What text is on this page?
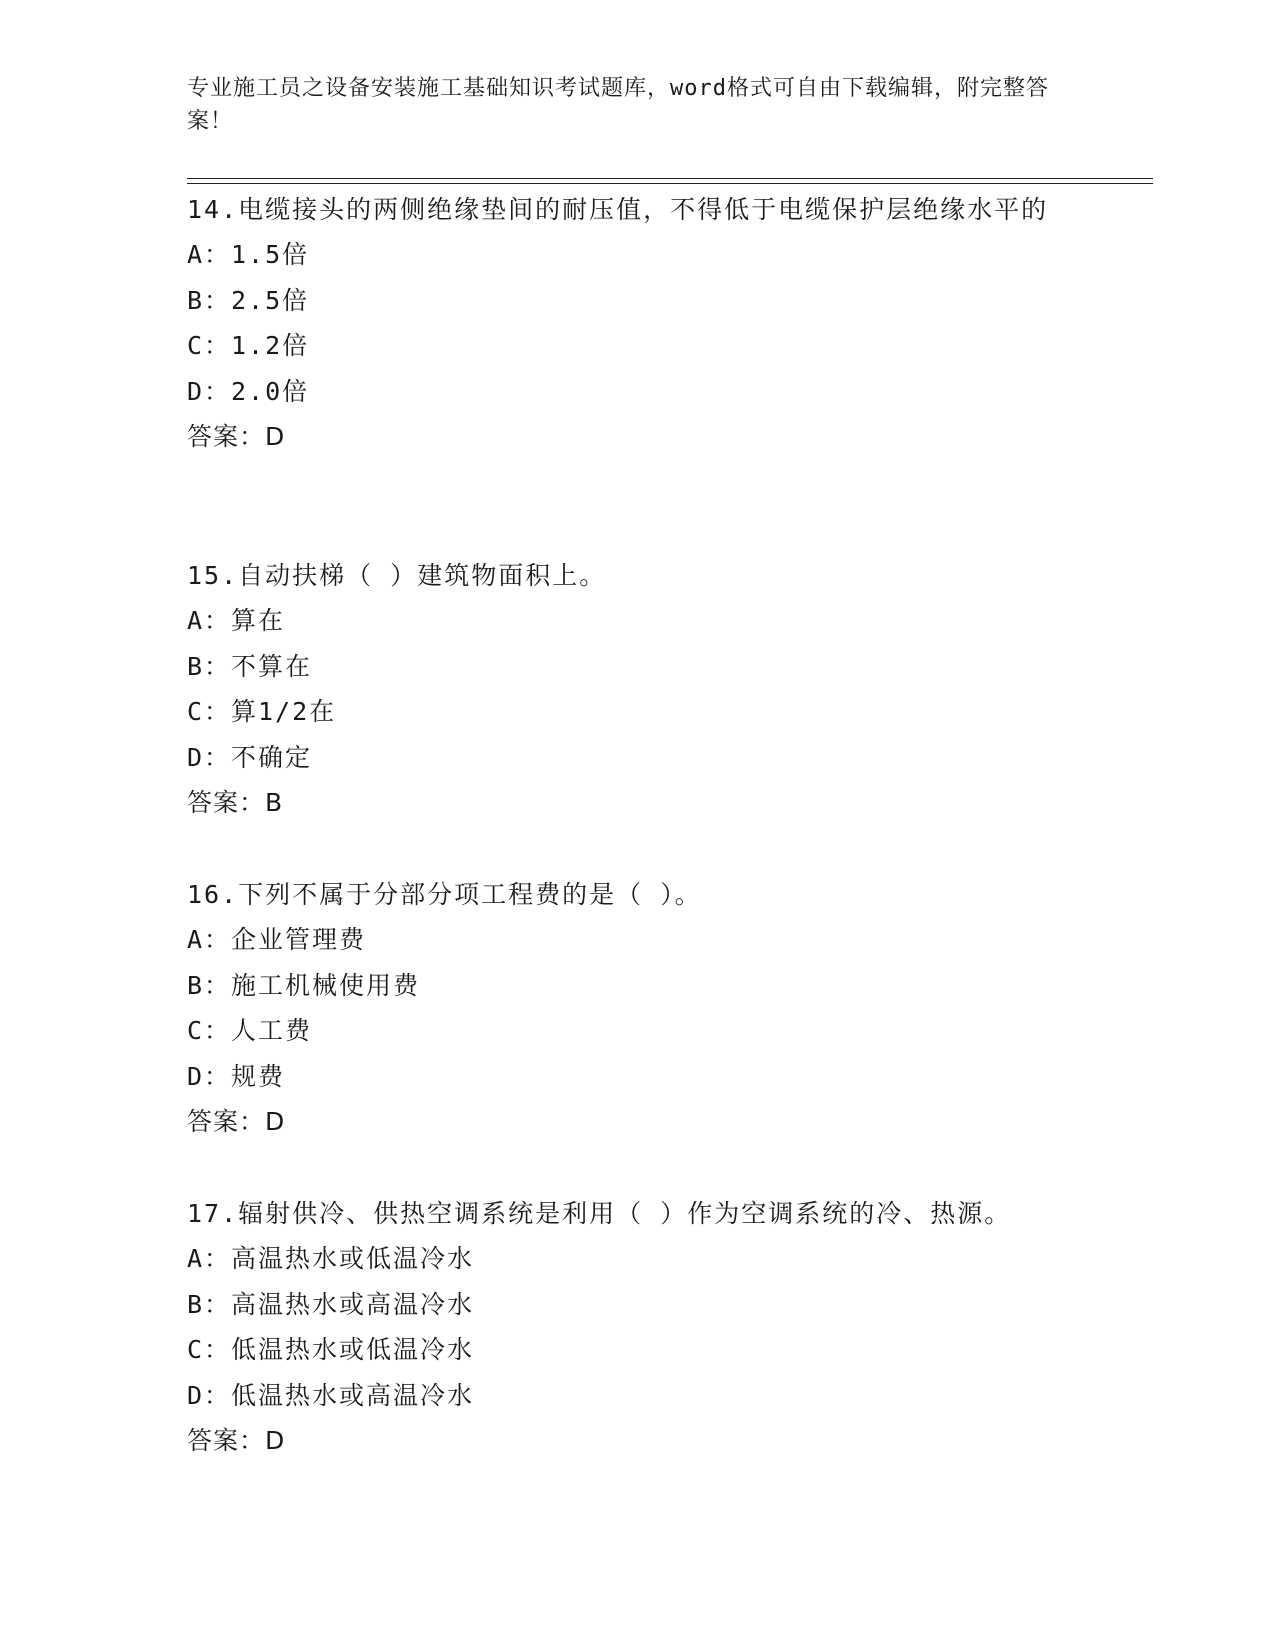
专业施工员之设备安装施工基础知识考试题库，word格式可自由下载编辑，附完整答案！

14.电缆接头的两侧绝缘垫间的耐压值，不得低于电缆保护层绝缘水平的

A： 1.5倍
B： 2.5倍
C： 1.2倍
D： 2.0倍
答案：D

15.自动扶梯（ ）建筑物面积上。

A： 算在
B： 不算在
C： 算1/2在
D： 不确定
答案：B

16.下列不属于分部分项工程费的是（ ）。

A： 企业管理费
B： 施工机械使用费
C： 人工费
D： 规费
答案：D

17.辐射供冷、供热空调系统是利用（ ）作为空调系统的冷、热源。

A： 高温热水或低温冷水
B： 高温热水或高温冷水
C： 低温热水或低温冷水
D： 低温热水或高温冷水
答案：D
